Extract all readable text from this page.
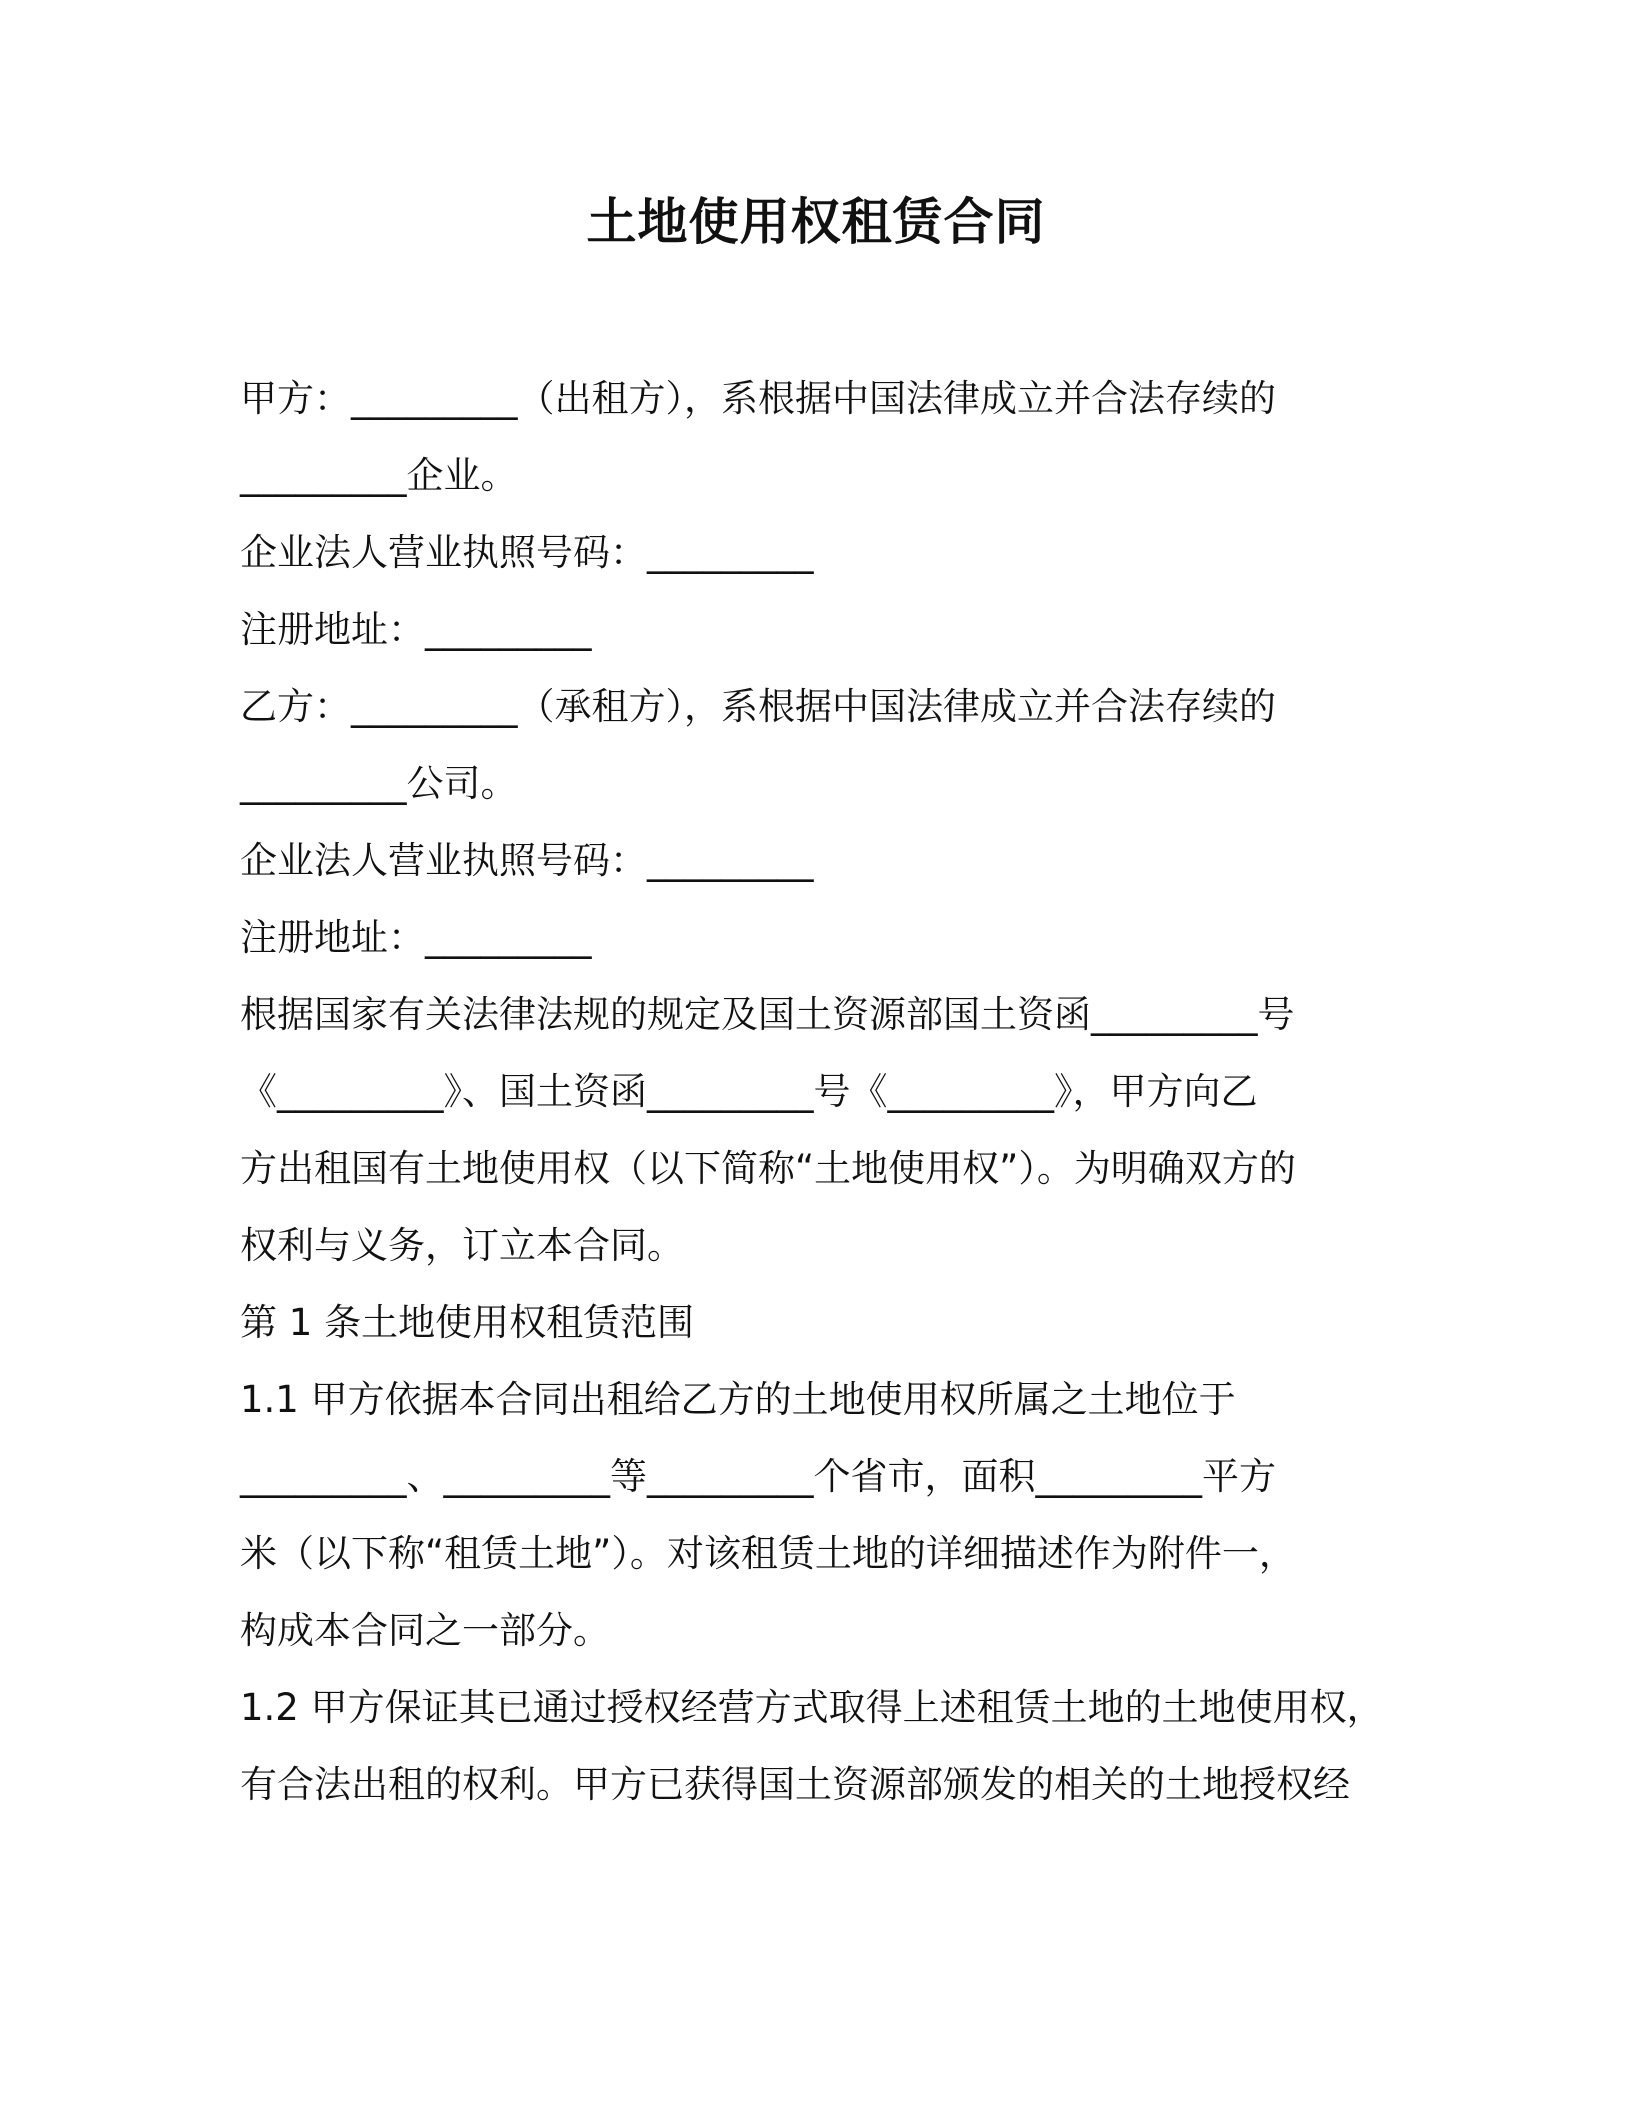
土地使用权租赁合同
甲方：_________（出租方），系根据中国法律成立并合法存续的
_________企业。
企业法人营业执照号码：_________
注册地址：_________
乙方：_________（承租方），系根据中国法律成立并合法存续的
_________公司。
企业法人营业执照号码：_________
注册地址：_________
根据国家有关法律法规的规定及国土资源部国土资函_________号
《_________》、国土资函_________号《_________》，甲方向乙
方出租国有土地使用权（以下简称“土地使用权”）。为明确双方的
权利与义务，订立本合同。
第 1 条土地使用权租赁范围
1.1 甲方依据本合同出租给乙方的土地使用权所属之土地位于
_________、_________等_________个省市，面积_________平方
米（以下称“租赁土地”）。对该租赁土地的详细描述作为附件一，
构成本合同之一部分。
1.2 甲方保证其已通过授权经营方式取得上述租赁土地的土地使用权，
有合法出租的权利。甲方已获得国土资源部颁发的相关的土地授权经
